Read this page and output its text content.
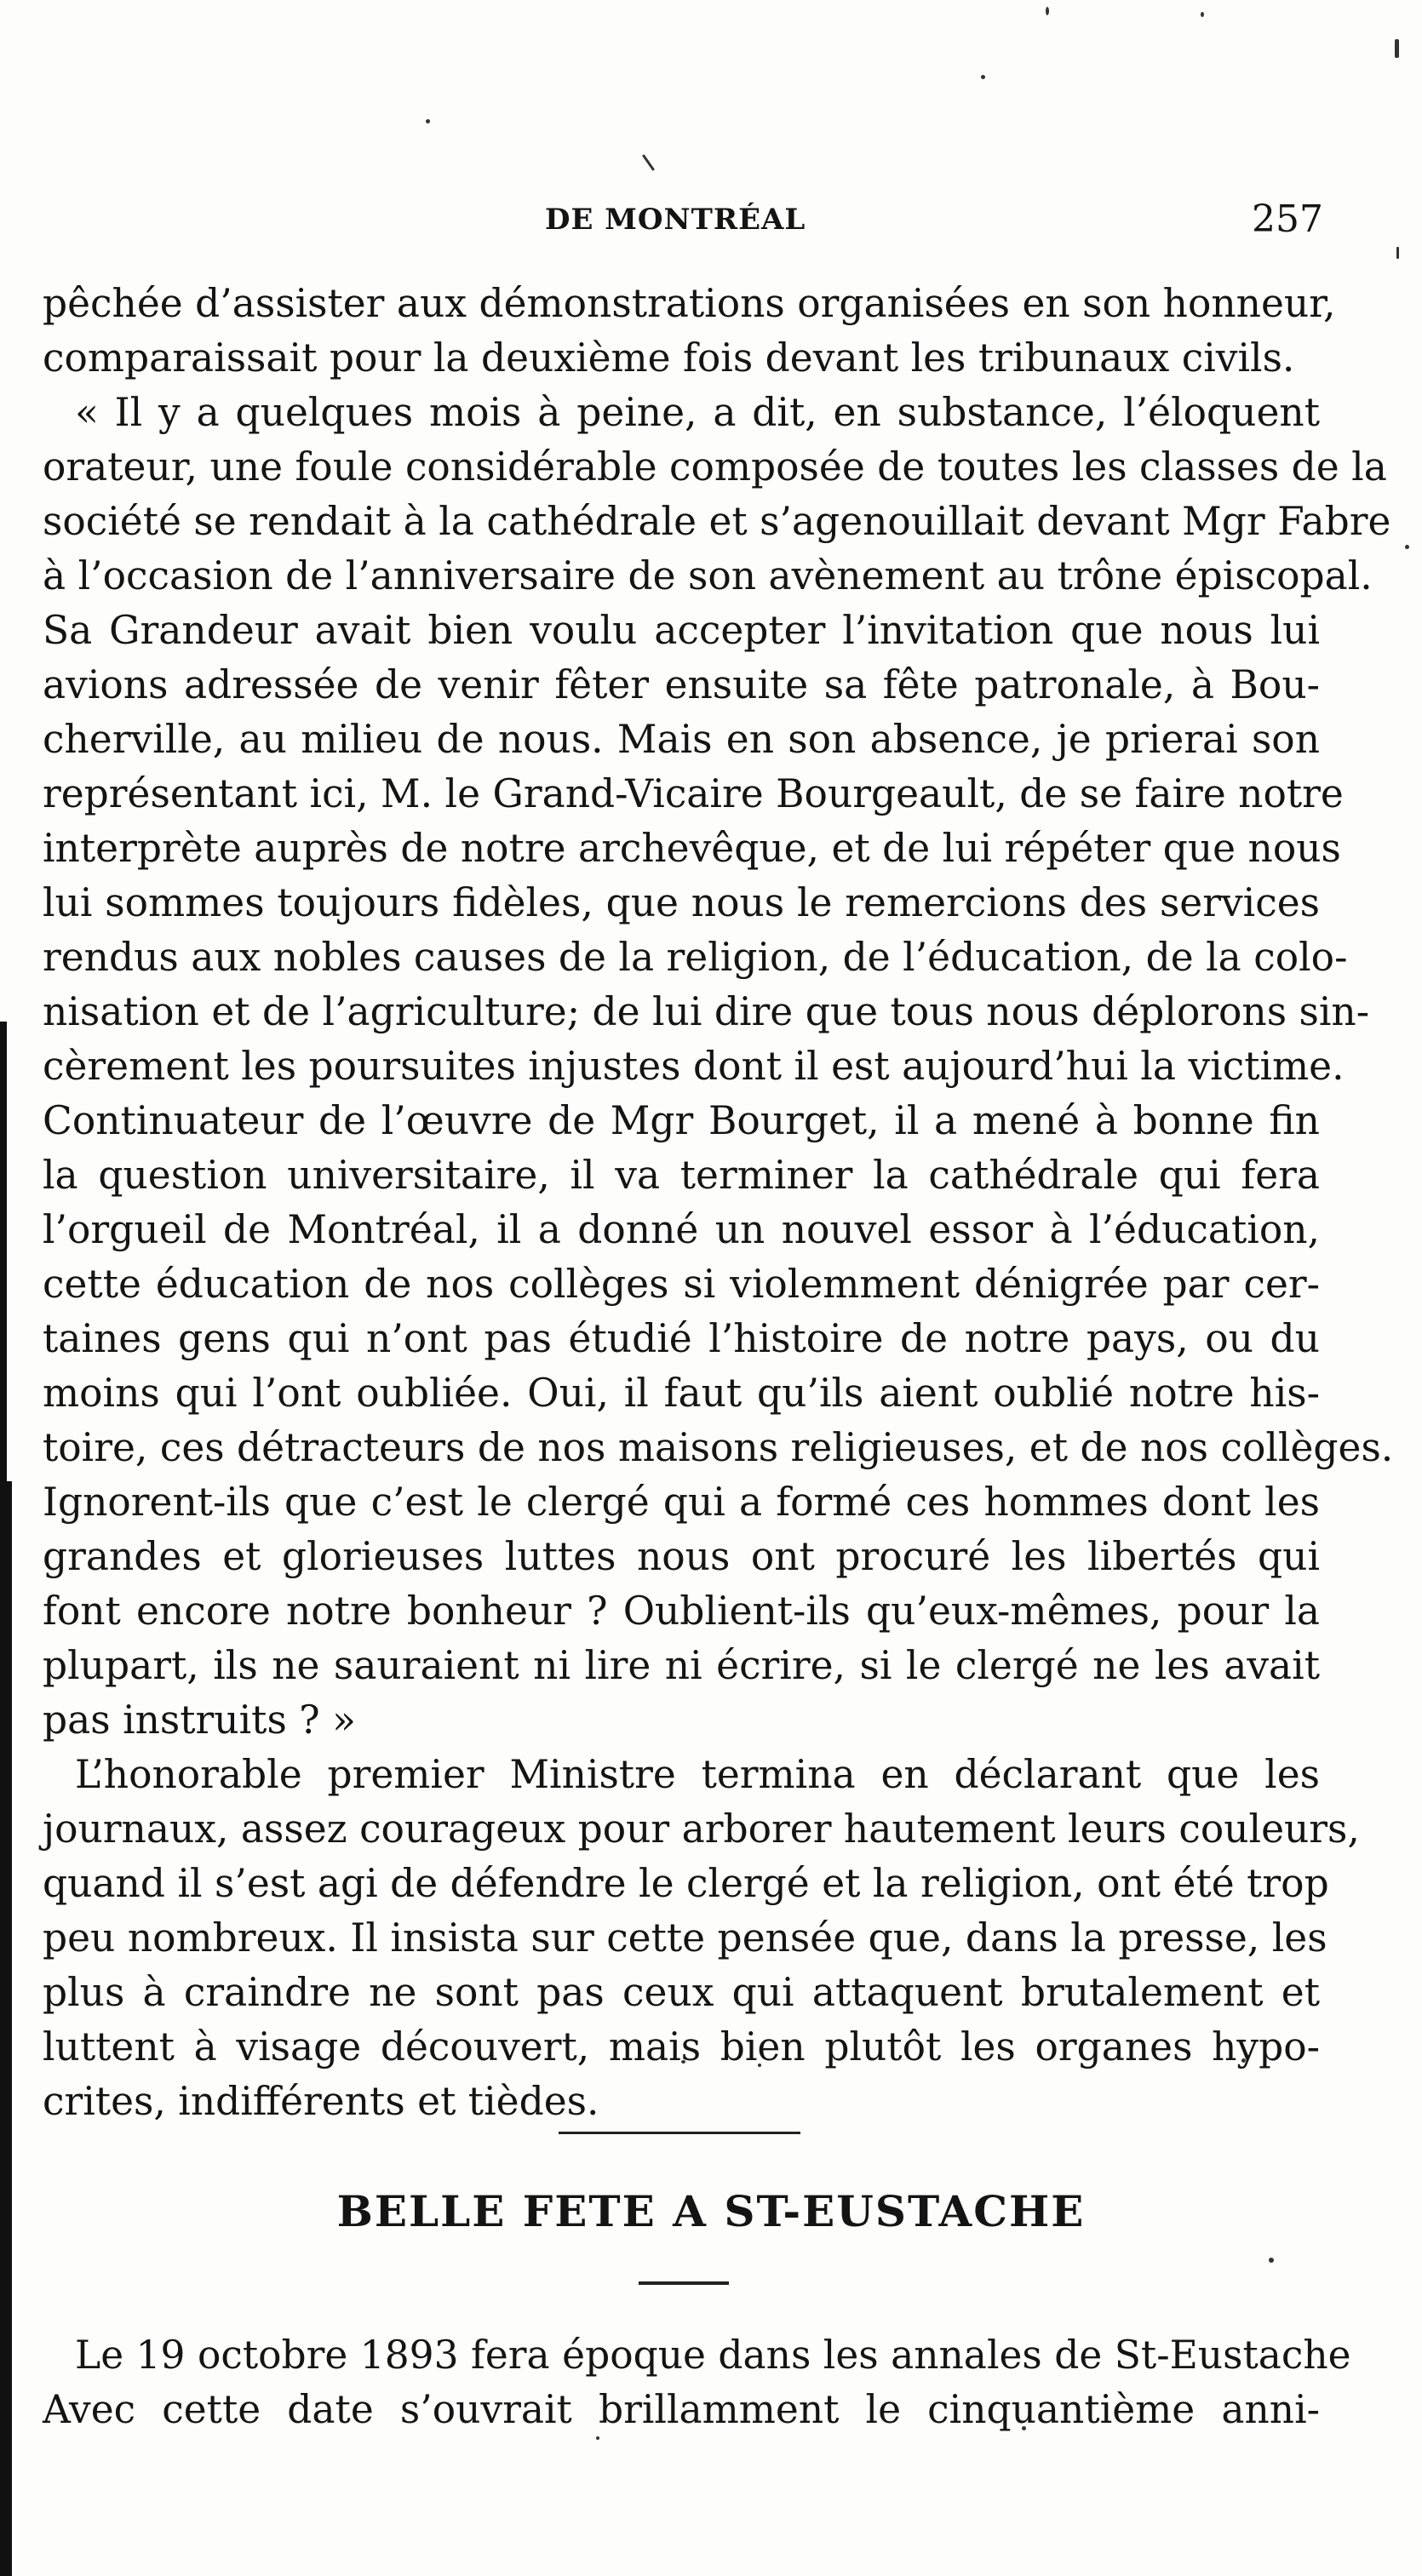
DE MONTRÉAL	257
pêchée d’assister aux démonstrations organisées en son honneur,
comparaissait pour la deuxième fois devant les tribunaux civils.
« Il y a quelques mois à peine, a dit, en substance, l’éloquent
orateur, une foule considérable composée de toutes les classes de la
société se rendait à la cathédrale et s’agenouillait devant Mgr Fabre
à l’occasion de l’anniversaire de son avènement au trône épiscopal.
Sa Grandeur avait bien voulu accepter l’invitation que nous lui
avions adressée de venir fêter ensuite sa fête patronale, à Bou-
cherville, au milieu de nous. Mais en son absence, je prierai son
représentant ici, M. le Grand-Vicaire Bourgeault, de se faire notre
interprète auprès de notre archevêque, et de lui répéter que nous
lui sommes toujours fidèles, que nous le remercions des services
rendus aux nobles causes de la religion, de l’éducation, de la colo-
nisation et de l’agriculture; de lui dire que tous nous déplorons sin-
cèrement les poursuites injustes dont il est aujourd’hui la victime.
Continuateur de l’œuvre de Mgr Bourget, il a mené à bonne fin
la question universitaire, il va terminer la cathédrale qui fera
l’orgueil de Montréal, il a donné un nouvel essor à l’éducation,
cette éducation de nos collèges si violemment dénigrée par cer-
taines gens qui n’ont pas étudié l’histoire de notre pays, ou du
moins qui l’ont oubliée. Oui, il faut qu’ils aient oublié notre his-
toire, ces détracteurs de nos maisons religieuses, et de nos collèges.
Ignorent-ils que c’est le clergé qui a formé ces hommes dont les
grandes et glorieuses luttes nous ont procuré les libertés qui
font encore notre bonheur ? Oublient-ils qu’eux-mêmes, pour la
plupart, ils ne sauraient ni lire ni écrire, si le clergé ne les avait
pas instruits ? »
L’honorable premier Ministre termina en déclarant que les
journaux, assez courageux pour arborer hautement leurs couleurs,
quand il s’est agi de défendre le clergé et la religion, ont été trop
peu nombreux. Il insista sur cette pensée que, dans la presse, les
plus à craindre ne sont pas ceux qui attaquent brutalement et
luttent à visage découvert, mais bien plutôt les organes hypo-
crites, indifférents et tièdes.
BELLE FETE A ST-EUSTACHE
Le 19 octobre 1893 fera époque dans les annales de St-Eustache
Avec cette date s’ouvrait brillamment le cinquantième anni-
